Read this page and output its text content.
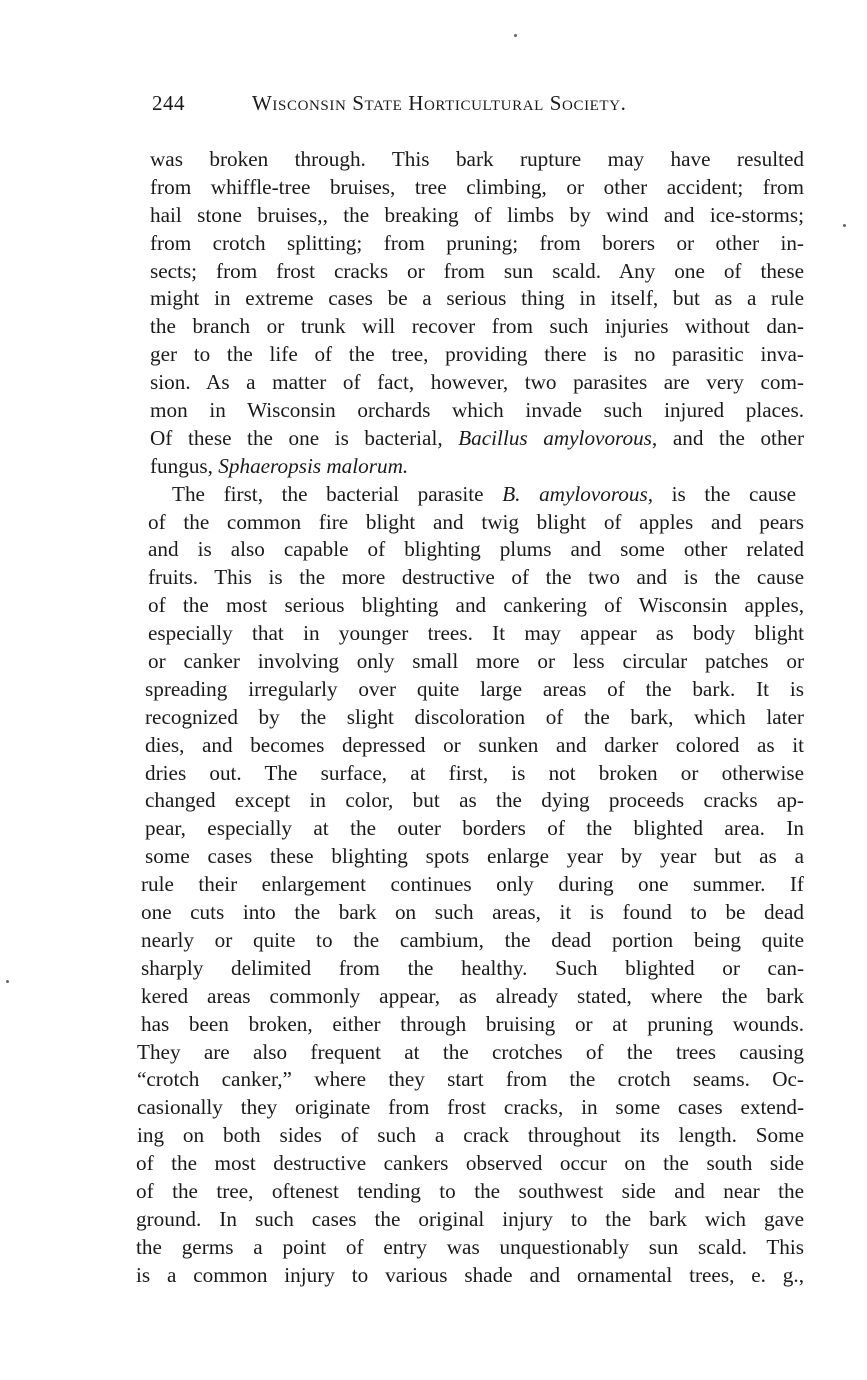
244	Wisconsin State Horticultural Society.
was broken through. This bark rupture may have resulted
from whiffle-tree bruises, tree climbing, or other accident; from
hail stone bruises,, the breaking of limbs by wind and ice-storms;
from crotch splitting; from pruning; from borers or other in-
sects; from frost cracks or from sun scald. Any one of these
might in extreme cases be a serious thing in itself, but as a rule
the branch or trunk will recover from such injuries without dan-
ger to the life of the tree, providing there is no parasitic inva-
sion. As a matter of fact, however, two parasites are very com-
mon in Wisconsin orchards which invade such injured places.
Of these the one is bacterial, Bacillus amylovorous, and the other
fungus, Sphaeropsis malorum.
The first, the bacterial parasite B. amylovorous, is the cause
of the common fire blight and twig blight of apples and pears
and is also capable of blighting plums and some other related
fruits. This is the more destructive of the two and is the cause
of the most serious blighting and cankering of Wisconsin apples,
especially that in younger trees. It may appear as body blight
or canker involving only small more or less circular patches or
spreading irregularly over quite large areas of the bark. It is
recognized by the slight discoloration of the bark, which later
dies, and becomes depressed or sunken and darker colored as it
dries out. The surface, at first, is not broken or otherwise
changed except in color, but as the dying proceeds cracks ap-
pear, especially at the outer borders of the blighted area. In
some cases these blighting spots enlarge year by year but as a
rule their enlargement continues only during one summer. If
one cuts into the bark on such areas, it is found to be dead
nearly or quite to the cambium, the dead portion being quite
sharply delimited from the healthy. Such blighted or can-
kered areas commonly appear, as already stated, where the bark
has been broken, either through bruising or at pruning wounds.
They are also frequent at the crotches of the trees causing
“crotch canker,” where they start from the crotch seams. Oc-
casionally they originate from frost cracks, in some cases extend-
ing on both sides of such a crack throughout its length. Some
of the most destructive cankers observed occur on the south side
of the tree, oftenest tending to the southwest side and near the
ground. In such cases the original injury to the bark wich gave
the germs a point of entry was unquestionably sun scald. This
is a common injury to various shade and ornamental trees, e. g.,
